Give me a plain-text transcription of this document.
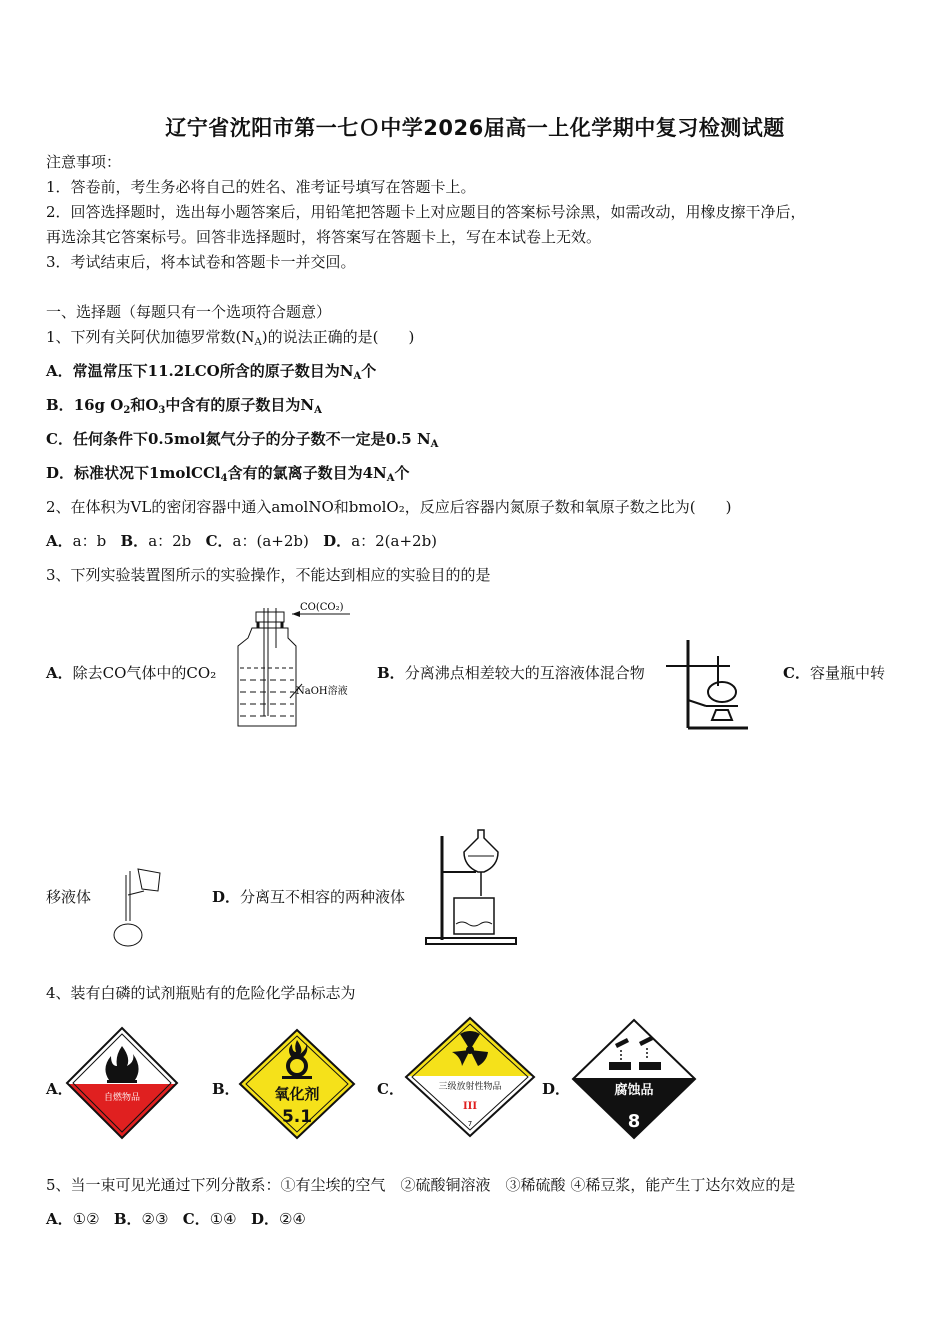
辽宁省沈阳市第一七Ｏ中学2026届高一上化学期中复习检测试题
注意事项：
1．答卷前，考生务必将自己的姓名、准考证号填写在答题卡上。
2．回答选择题时，选出每小题答案后，用铅笔把答题卡上对应题目的答案标号涂黑，如需改动，用橡皮擦干净后，
再选涂其它答案标号。回答非选择题时，将答案写在答题卡上，写在本试卷上无效。
3．考试结束后，将本试卷和答题卡一并交回。
一、选择题（每题只有一个选项符合题意）
1、下列有关阿伏加德罗常数$(N_A)$的说法正确的是(　　)
A．常温常压下11.2LCO所含的原子数目为$N_A$个
B．16g $O_2$和$O_3$中含有的原子数目为$N_A$
C．任何条件下0.5mol氮气分子的分子数不一定是0.5 $N_A$
D．标准状况下1molCCl$_4$含有的氯离子数目为$4N_A$个
2、在体积为VL的密闭容器中通入amolNO和bmolO₂，反应后容器内氮原子数和氧原子数之比为(　　)
A．a：b B．a：2b C．a：(a+2b) D．a：2(a+2b)
3、下列实验装置图所示的实验操作，不能达到相应的实验目的的是
A．除去CO气体中的CO₂
CO(CO₂)
NaOH溶液
B．分离沸点相差较大的互溶液体混合物	C．容量瓶中转
移液体	D．分离互不相容的两种液体
4、装有白磷的试剂瓶贴有的危险化学品标志为
A．	自燃物品	B． 氧化剂
5.1
C．	三级放射性物品
III
7
D．	腐蚀品
8
5、当一束可见光通过下列分散系：①有尘埃的空气　②硫酸铜溶液　③稀硫酸 ④稀豆浆，能产生丁达尔效应的是
A．①② B．②③ C．①④ D．②④
